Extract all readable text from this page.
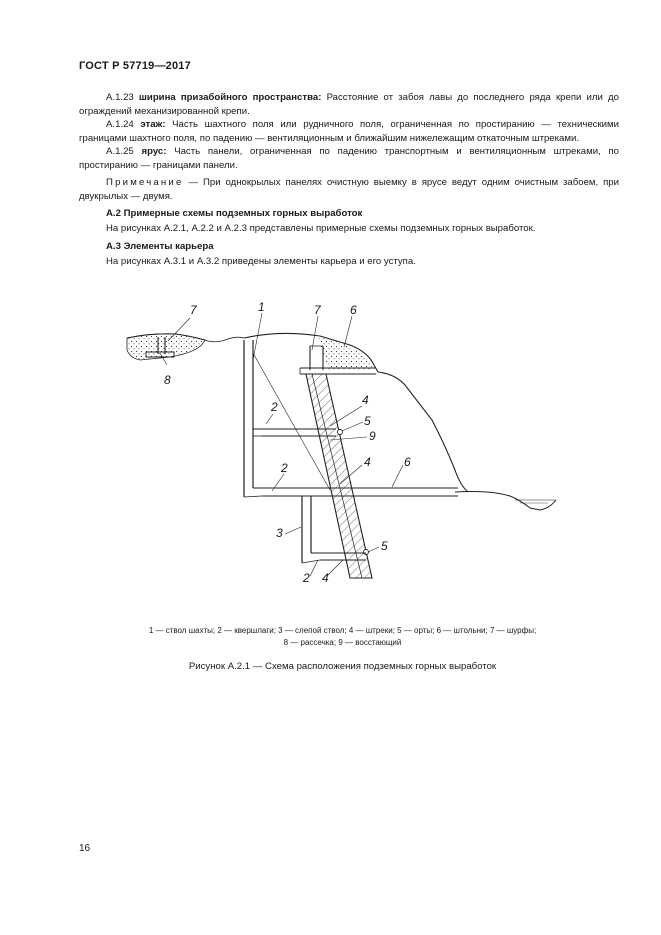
ГОСТ Р 57719—2017
А.1.23 ширина призабойного пространства: Расстояние от забоя лавы до последнего ряда крепи или до ограждений механизированной крепи.
А.1.24 этаж: Часть шахтного поля или рудничного поля, ограниченная по простиранию — техническими границами шахтного поля, по падению — вентиляционным и ближайшим нижележащим откаточным штреками.
А.1.25 ярус: Часть панели, ограниченная по падению транспортным и вентиляционным штреками, по простиранию — границами панели.
Примечание — При однокрылых панелях очистную выемку в ярусе ведут одним очистным забоем, при двукрылых — двумя.
А.2 Примерные схемы подземных горных выработок
На рисунках А.2.1, А.2.2 и А.2.3 представлены примерные схемы подземных горных выработок.
А.3 Элементы карьера
На рисунках А.3.1 и А.3.2 приведены элементы карьера и его уступа.
7
8
1	7 6
2	4
5
9
4	6
2
3
5
2 4
1 — ствол шахты; 2 — квершлаги; 3 — слепой ствол; 4 — штреки; 5 — орты; 6 — штольни; 7 — шурфы;
8 — рассечка; 9 — восстающий
Рисунок А.2.1 — Схема расположения подземных горных выработок
16
